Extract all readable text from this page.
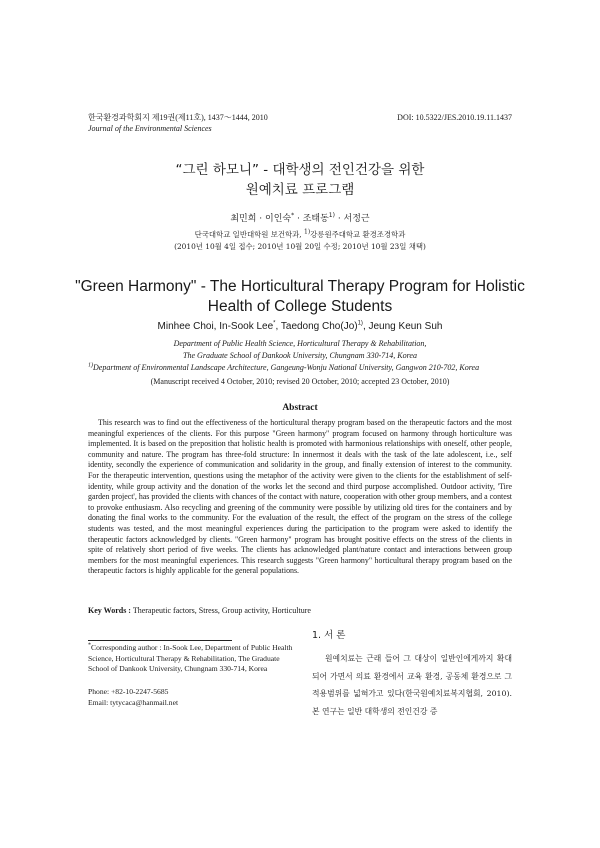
한국환경과학회지 제19권(제11호), 1437～1444, 2010
Journal of the Environmental Sciences
DOI: 10.5322/JES.2010.19.11.1437
“그린 하모니” - 대학생의 전인건강을 위한
원예치료 프로그램
최민희 · 이인숙* · 조태동$^{1)}$ · 서정근
단국대학교 일반대학원 보건학과, $^{1)}$강릉원주대학교 환경조경학과
(2010년 10월 4일 접수; 2010년 10월 20일 수정; 2010년 10월 23일 채택)
"Green Harmony" - The Horticultural Therapy Program for Holistic Health of College Students
Minhee Choi, In-Sook Lee*, Taedong $Cho(Jo)^{1)}$, Jeung Keun Suh
Department of Public Health Science, Horticultural Therapy & Rehabilitation,
The Graduate School of Dankook University, Chungnam 330-714, Korea
$^{1)}$Department of Environmental Landscape Architecture, Gangeung-Wonju National University, Gangwon 210-702, Korea
(Manuscript received 4 October, 2010; revised 20 October, 2010; accepted 23 October, 2010)
Abstract

This research was to find out the effectiveness of the horticultural therapy program based on the therapeutic factors and the most meaningful experiences of the clients. For this purpose "Green harmony" program focused on harmony through horticulture was implemented. It is based on the preposition that holistic health is promoted with harmonious relationships with oneself, other people, community and nature. The program has three-fold structure: In innermost it deals with the task of the late adolescent, i.e., self identity, secondly the experience of communication and solidarity in the group, and finally extension of interest to the community. For the therapeutic intervention, questions using the metaphor of the activity were given to the clients for the establishment of self-identity, while group activity and the donation of the works let the second and third purpose accomplished. Outdoor activity, 'Tire garden project', has provided the clients with chances of the contact with nature, cooperation with other group members, and a contest to provoke enthusiasm. Also recycling and greening of the community were possible by utilizing old tires for the containers and by donating the final works to the community. For the evaluation of the result, the effect of the program on the stress of the college students was tested, and the most meaningful experiences during the participation to the program were asked to identify the therapeutic factors acknowledged by clients. "Green harmony" program has brought positive effects on the stress of the clients in spite of relatively short period of five weeks. The clients has acknowledged plant/nature contact and interactions between group members for the most meaningful experiences. This research suggests "Green harmony" horticultural therapy program based on the therapeutic factors is highly applicable for the general populations.

Key Words : Therapeutic factors, Stress, Group activity, Horticulture
*Corresponding author : In-Sook Lee, Department of Public Health Science, Horticultural Therapy & Rehabilitation, The Graduate School of Dankook University, Chungnam 330-714, Korea
Phone: +82-10-2247-5685
Email: tytycaca@hanmail.net
1. 서 론

원예치료는 근래 들어 그 대상이 일반인에게까지 확대되어 가면서 의료 환경에서 교육 환경, 공동체 환경으로 그 적용범위를 넓혀가고 있다(한국원예치료복지협회, 2010). 본 연구는 일반 대학생의 전인건강 증
